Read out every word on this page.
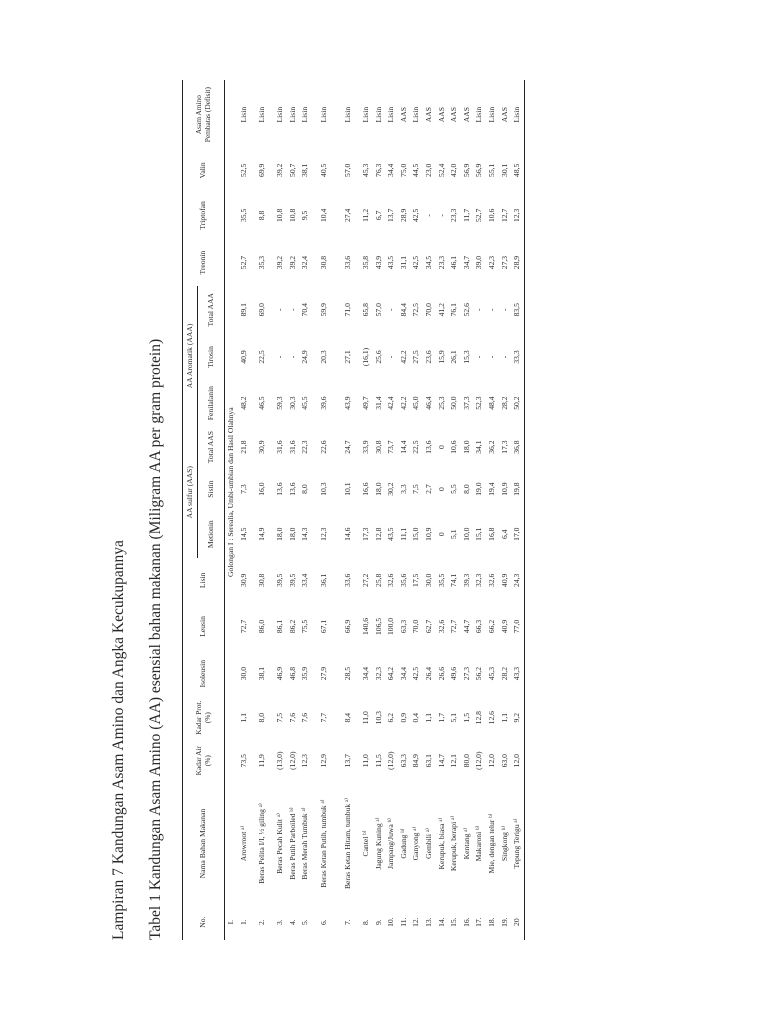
Lampiran 7 Kandungan Asam Amino dan Angka Kecukupannya Tabel 1 Kandungan Asam Amino (AA) esensial bahan makanan (Miligram AA per gram protein)	No.	Nama Bahan Makanan	Kadar Air (%)	Kadar Prot. (%)	Isoleusin	Leusin	Lisin	AA sulfur (AAS)			AA Aromatik (AAA)			Treonin	Triptofan	Valin	Asam Amino Pembatas (Defisit)
							Metionin	Sistin	Total AAS	Fenilalanin	Tirosin	Total AAA				
I.	Golongan I : Serealia, Umbi-umbian dan Hasil Olahnya															
1.	Arowroot ᵃ⁾	73,5	1,1	30,0	72,7	30,9	14,5	7,3	21,8	48,2	40,9	89,1	52,7	35,5	52,5	Lisin
2.	Beras Pelita I/I, ½ giling ᵃ⁾	11,9	8,0	38,1	86,0	30,8	14,9	16,0	30,9	46,5	22,5	69,0	35,3	8,8	69,9	Lisin
3.	Beras Pecah Kulit ᵃ⁾	(13,0)	7,5	46,9	86,1	39,5	18,0	13,6	31,6	59,3	-	-	39,2	10,8	39,2	Lisin
4.	Beras Putih Parboiled ᵇ⁾	(12,0)	7,6	46,8	86,2	39,5	18,0	13,6	31,6	30,3	-	-	39,2	10,8	50,7	Lisin
5.	Beras Merah Tumbuk ᵃ⁾	12,3	7,6	35,9	75,5	33,4	14,3	8,0	22,3	45,5	24,9	70,4	32,4	9,5	38,1	Lisin
6.	Beras Ketan Putih, tumbuk ᵃ⁾	12,9	7,7	27,9	67,1	36,1	12,3	10,3	22,6	39,6	20,3	59,9	30,8	10,4	40,5	Lisin
7.	Beras Ketan Hitam, tumbuk ᵃ⁾	13,7	8,4	28,5	66,9	33,6	14,6	10,1	24,7	43,9	27,1	71,0	33,6	27,4	57,0	Lisin
8.	Cantel ᵇ⁾	11,0	11,0	34,4	140,6	27,2	17,3	16,6	33,9	49,7	(16,1)	65,8	35,8	11,2	45,3	Lisin
9.	Jagung Kuning ᵃ⁾	11,5	10,3	32,3	106,5	25,8	12,8	18,0	30,8	31,4	25,6	57,0	43,9	6,7	76,3	Lisin
10.	Jampang/Juwa ᵇ⁾	(12,0)	6,2	64,2	100,0	32,6	43,5	30,2	73,7	42,4	-	-	43,5	13,7	34,4	Lisin
11.	Gadung ᵇ⁾	63,3	0,9	34,4	63,3	35,6	11,1	3,3	14,4	42,2	42,2	84,4	31,1	28,9	75,0	AAS
12.	Ganyong ᵃ⁾	84,9	0,4	42,5	70,0	17,5	15,0	7,5	22,5	45,0	27,5	72,5	42,5	42,5	44,5	Lisin
13.	Gembili ᵃ⁾	63,1	1,1	26,4	62,7	30,0	10,9	2,7	13,6	46,4	23,6	70,0	34,5	-	23,0	AAS
14.	Kerupuk, biasa ᵃ⁾	14,7	1,7	26,6	32,6	35,5	0	0	0	25,3	15,9	41,2	23,3	-	52,4	AAS
15.	Kerupuk, berapi ᵃ⁾	12,1	5,1	49,6	72,7	74,1	5,1	5,5	10,6	50,0	26,1	76,1	46,1	23,3	42,0	AAS
16.	Kentang ᵃ⁾	80,0	1,5	27,3	44,7	39,3	10,0	8,0	18,0	37,3	15,3	52,6	34,7	11,7	56,9	AAS
17.	Makaroni ᵇ⁾	(12,0)	12,8	56,2	66,3	32,3	15,1	19,0	34,1	52,3	-	-	39,0	52,7	56,9	Lisin
18.	Mie, dengan telur ᵇ⁾	12,0	12,6	45,3	66,2	32,6	16,8	19,4	36,2	48,4	-	-	42,3	10,6	55,1	Lisin
19.	Singkong ᵇ⁾	63,0	1,1	28,2	40,9	40,9	6,4	10,9	17,3	28,2	-	-	27,3	12,7	30,1	AAS
20	Tepung Terigu ᵃ⁾	12,0	9,2	43,3	77,0	24,3	17,0	19,8	36,8	50,2	33,3	83,5	28,9	12,3	48,5	Lisin
